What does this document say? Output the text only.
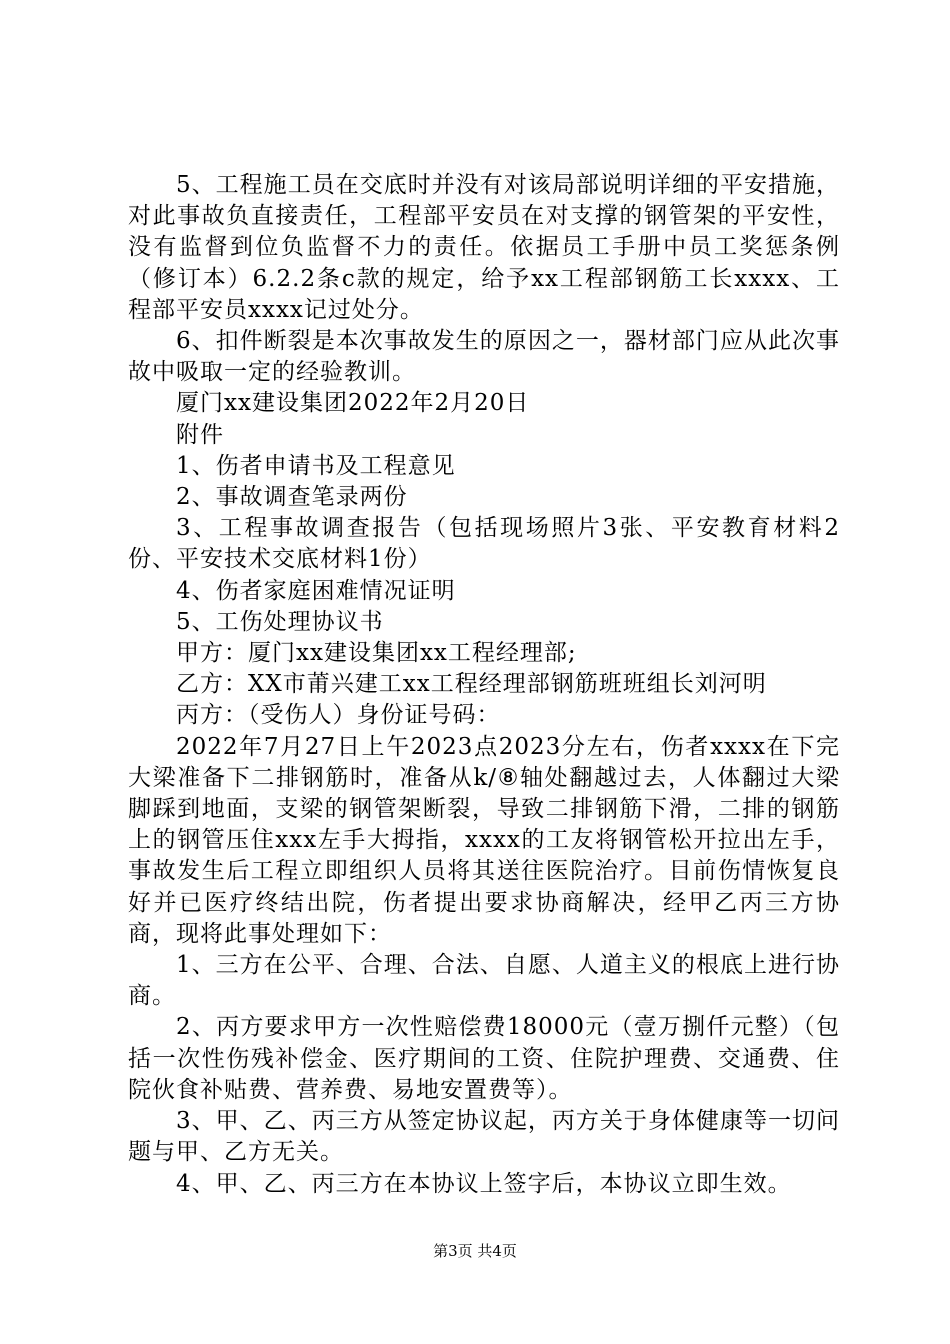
5、工程施工员在交底时并没有对该局部说明详细的平安措施，对此事故负直接责任，工程部平安员在对支撑的钢管架的平安性，没有监督到位负监督不力的责任。依据员工手册中员工奖惩条例（修订本）6.2.2条c款的规定，给予xx工程部钢筋工长xxxx、工程部平安员xxxx记过处分。

6、扣件断裂是本次事故发生的原因之一，器材部门应从此次事故中吸取一定的经验教训。

厦门xx建设集团2022年2月20日

附件

1、伤者申请书及工程意见

2、事故调查笔录两份

3、工程事故调查报告（包括现场照片3张、平安教育材料2份、平安技术交底材料1份）

4、伤者家庭困难情况证明

5、工伤处理协议书

甲方：厦门xx建设集团xx工程经理部;

乙方：XX市莆兴建工xx工程经理部钢筋班班组长刘河明

丙方：（受伤人）身份证号码：

2022年7月27日上午2023点2023分左右，伤者xxxx在下完大梁准备下二排钢筋时，准备从k/⑧轴处翻越过去，人体翻过大梁脚踩到地面，支梁的钢管架断裂，导致二排钢筋下滑，二排的钢筋上的钢管压住xxx左手大拇指，xxxx的工友将钢管松开拉出左手，事故发生后工程立即组织人员将其送往医院治疗。目前伤情恢复良好并已医疗终结出院，伤者提出要求协商解决，经甲乙丙三方协商，现将此事处理如下：

1、三方在公平、合理、合法、自愿、人道主义的根底上进行协商。

2、丙方要求甲方一次性赔偿费18000元（壹万捌仟元整）（包括一次性伤残补偿金、医疗期间的工资、住院护理费、交通费、住院伙食补贴费、营养费、易地安置费等）。

3、甲、乙、丙三方从签定协议起，丙方关于身体健康等一切问题与甲、乙方无关。

4、甲、乙、丙三方在本协议上签字后，本协议立即生效。

第3页 共4页
